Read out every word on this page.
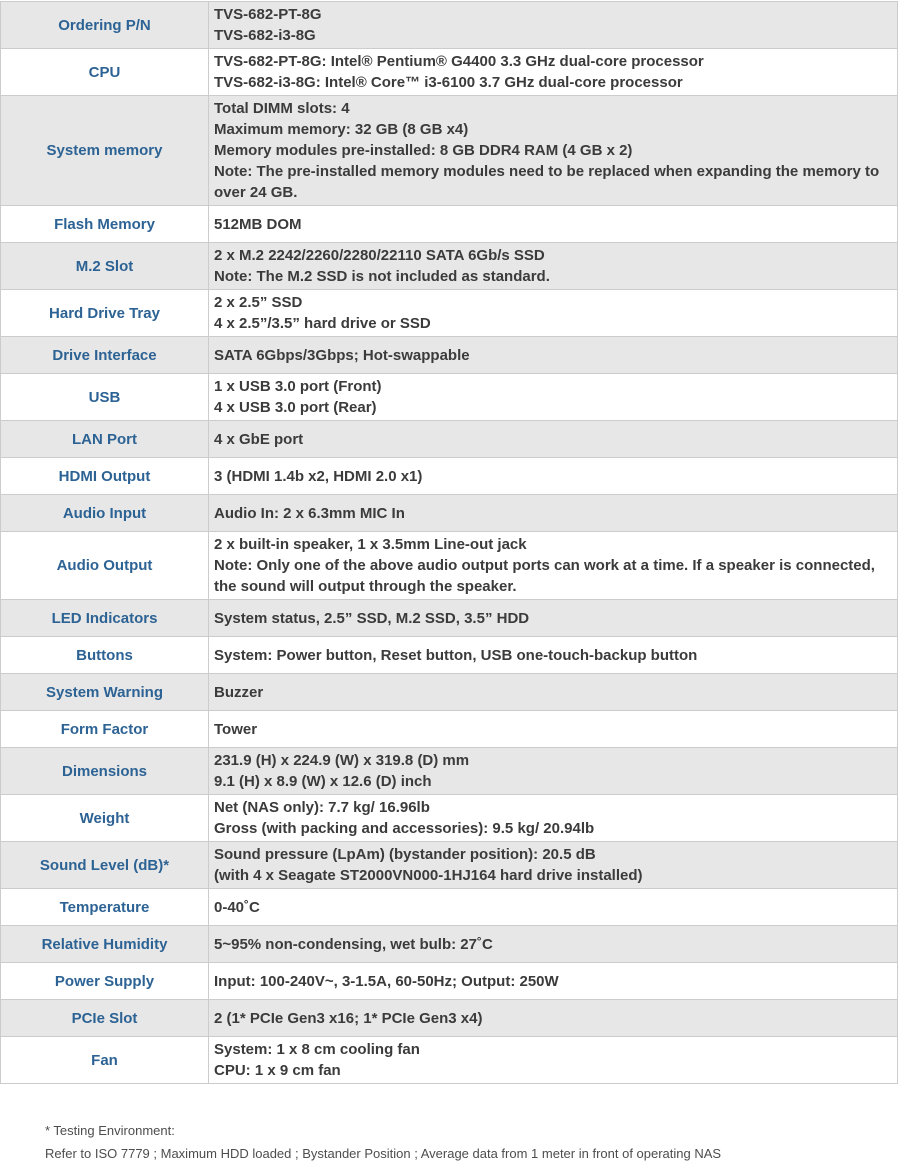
Ordering P/N	TVS-682-PT-8G
TVS-682-i3-8G

CPU	TVS-682-PT-8G: Intel® Pentium® G4400 3.3 GHz dual-core processor
TVS-682-i3-8G: Intel® Core™ i3-6100 3.7 GHz dual-core processor

System memory	Total DIMM slots: 4
Maximum memory: 32 GB (8 GB x4)
Memory modules pre-installed: 8 GB DDR4 RAM (4 GB x 2)
Note: The pre-installed memory modules need to be replaced when expanding the memory to over 24 GB.

Flash Memory	512MB DOM

M.2 Slot	2 x M.2 2242/2260/2280/22110 SATA 6Gb/s SSD
Note: The M.2 SSD is not included as standard.

Hard Drive Tray	2 x 2.5” SSD
4 x 2.5”/3.5” hard drive or SSD

Drive Interface	SATA 6Gbps/3Gbps; Hot-swappable

USB	1 x USB 3.0 port (Front)
4 x USB 3.0 port (Rear)

LAN Port	4 x GbE port

HDMI Output	3 (HDMI 1.4b x2, HDMI 2.0 x1)

Audio Input	Audio In: 2 x 6.3mm MIC In

Audio Output	2 x built-in speaker, 1 x 3.5mm Line-out jack
Note: Only one of the above audio output ports can work at a time. If a speaker is connected, the sound will output through the speaker.

LED Indicators	System status, 2.5” SSD, M.2 SSD, 3.5” HDD

Buttons	System: Power button, Reset button, USB one-touch-backup button

System Warning	Buzzer

Form Factor	Tower

Dimensions	231.9 (H) x 224.9 (W) x 319.8 (D) mm
9.1 (H) x 8.9 (W) x 12.6 (D) inch

Weight	Net (NAS only): 7.7 kg/ 16.96lb
Gross (with packing and accessories): 9.5 kg/ 20.94lb

Sound Level (dB)*	Sound pressure (LpAm) (bystander position): 20.5 dB
(with 4 x Seagate ST2000VN000-1HJ164 hard drive installed)

Temperature	0-40˚C

Relative Humidity	5~95% non-condensing, wet bulb: 27˚C

Power Supply	Input: 100-240V~, 3-1.5A, 60-50Hz; Output: 250W

PCIe Slot	2 (1* PCIe Gen3 x16; 1* PCIe Gen3 x4)

Fan	System: 1 x 8 cm cooling fan
CPU: 1 x 9 cm fan

* Testing Environment:

Refer to ISO 7779 ; Maximum HDD loaded ; Bystander Position ; Average data from 1 meter in front of operating NAS
